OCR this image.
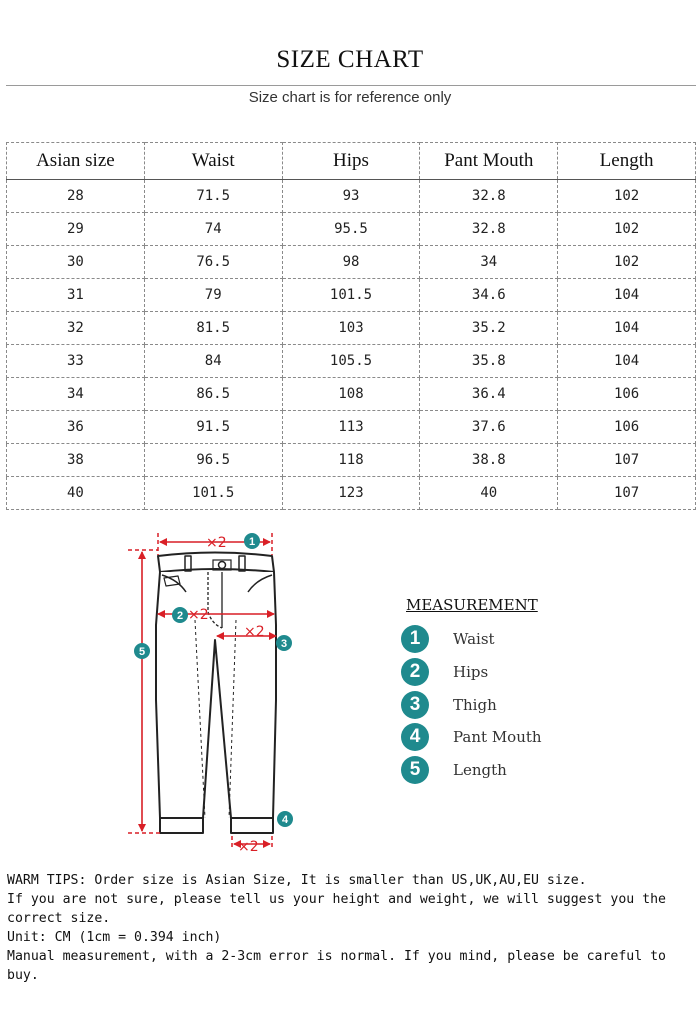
SIZE CHART
Size chart is for reference only
Asian size	Waist	Hips	Pant Mouth	Length
28	71.5	93	32.8	102
29	74	95.5	32.8	102
30	76.5	98	34	102
31	79	101.5	34.6	104
32	81.5	103	35.2	104
33	84	105.5	35.8	104
34	86.5	108	36.4	106
36	91.5	113	37.6	106
38	96.5	118	38.8	107
40	101.5	123	40	107
×2
×2
×2
×2
1
2
3
4
5
MEASUREMENT
1	Waist
2	Hips
3	Thigh
4	Pant Mouth
5	Length

WARM TIPS: Order size is Asian Size, It is smaller than US,UK,AU,EU size.

If you are not sure, please tell us your height and weight, we will suggest you the correct size.

Unit: CM (1cm = 0.394 inch)

Manual measurement, with a 2-3cm error is normal. If you mind, please be careful to buy.
